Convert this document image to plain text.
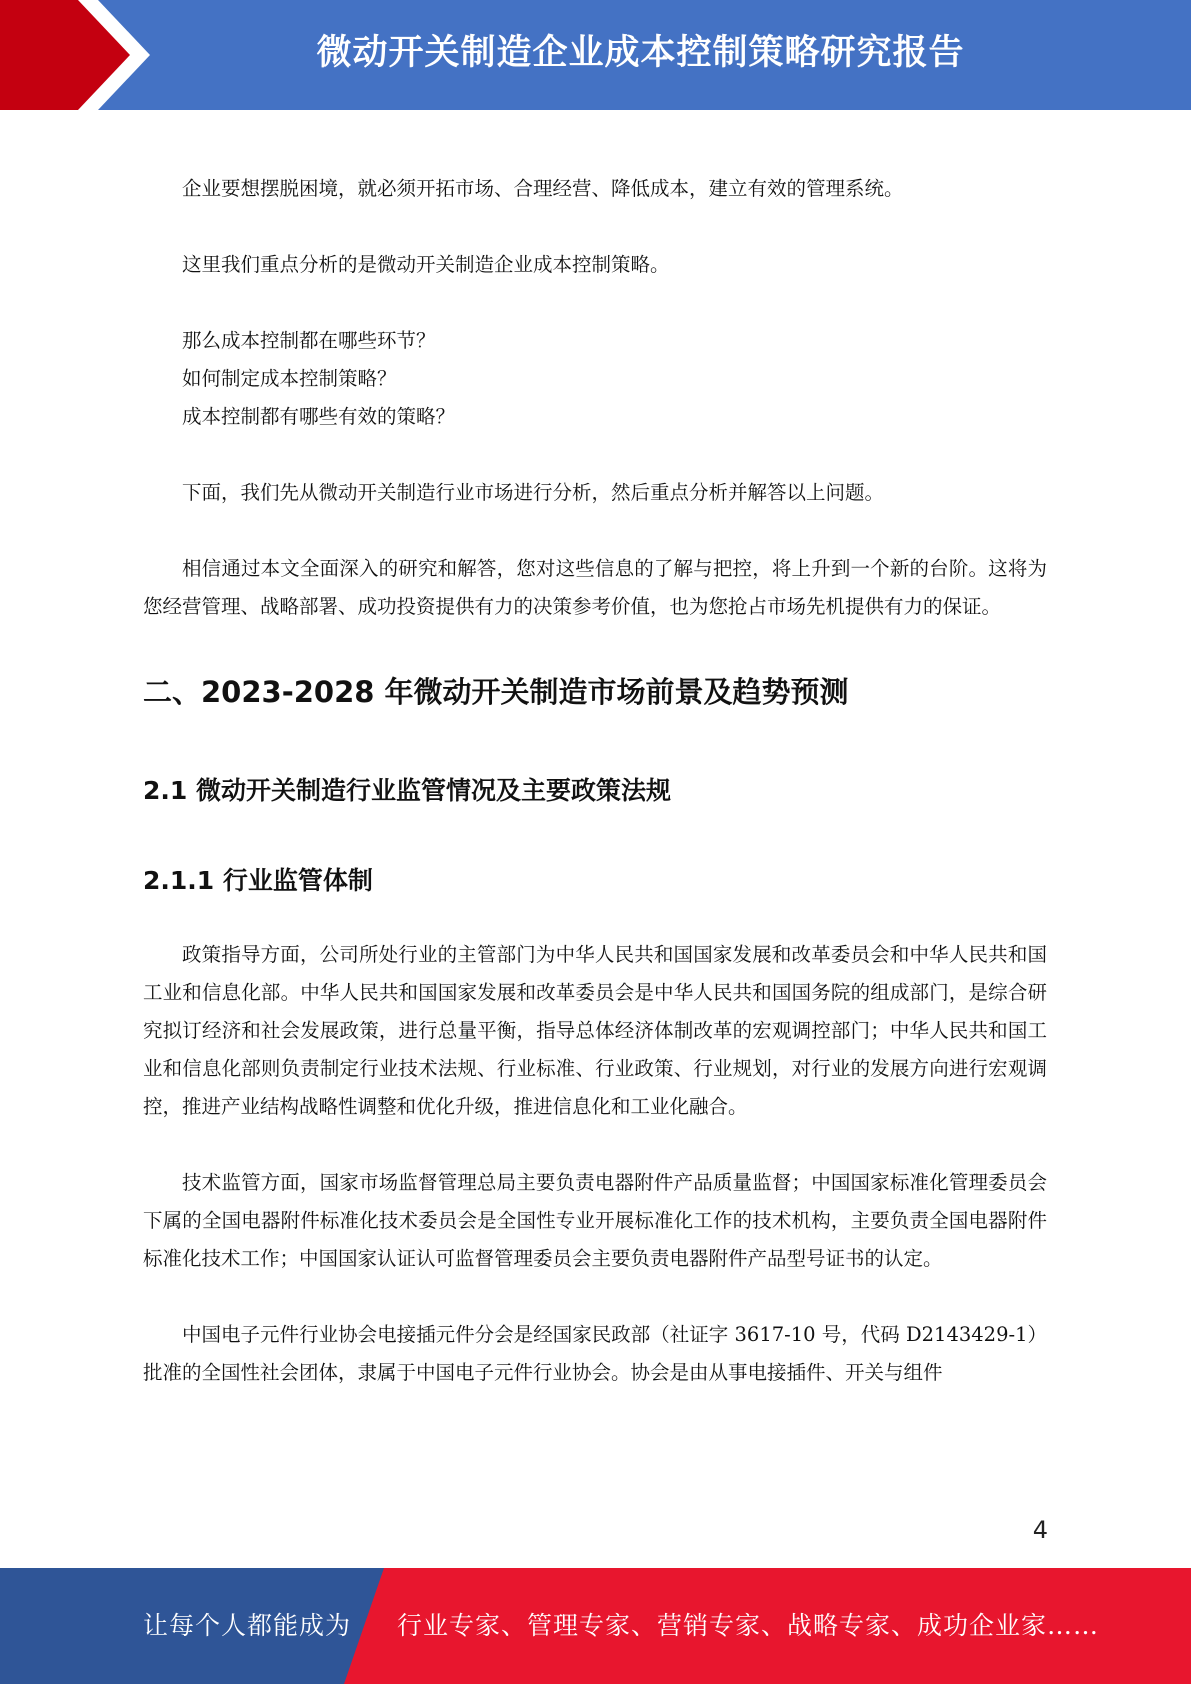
微动开关制造企业成本控制策略研究报告

企业要想摆脱困境，就必须开拓市场、合理经营、降低成本，建立有效的管理系统。

这里我们重点分析的是微动开关制造企业成本控制策略。

那么成本控制都在哪些环节？

如何制定成本控制策略？

成本控制都有哪些有效的策略？

下面，我们先从微动开关制造行业市场进行分析，然后重点分析并解答以上问题。

相信通过本文全面深入的研究和解答，您对这些信息的了解与把控，将上升到一个新的台阶。这将为您经营管理、战略部署、成功投资提供有力的决策参考价值，也为您抢占市场先机提供有力的保证。

二、2023-2028 年微动开关制造市场前景及趋势预测
2.1 微动开关制造行业监管情况及主要政策法规
2.1.1 行业监管体制

政策指导方面，公司所处行业的主管部门为中华人民共和国国家发展和改革委员会和中华人民共和国工业和信息化部。中华人民共和国国家发展和改革委员会是中华人民共和国国务院的组成部门，是综合研究拟订经济和社会发展政策，进行总量平衡，指导总体经济体制改革的宏观调控部门；中华人民共和国工业和信息化部则负责制定行业技术法规、行业标准、行业政策、行业规划，对行业的发展方向进行宏观调控，推进产业结构战略性调整和优化升级，推进信息化和工业化融合。

技术监管方面，国家市场监督管理总局主要负责电器附件产品质量监督；中国国家标准化管理委员会下属的全国电器附件标准化技术委员会是全国性专业开展标准化工作的技术机构，主要负责全国电器附件标准化技术工作；中国国家认证认可监督管理委员会主要负责电器附件产品型号证书的认定。

中国电子元件行业协会电接插元件分会是经国家民政部（社证字 3617-10 号，代码 D2143429-1）批准的全国性社会团体，隶属于中国电子元件行业协会。协会是由从事电接插件、开关与组件

4
让每个人都能成为 行业专家、管理专家、营销专家、战略专家、成功企业家……
